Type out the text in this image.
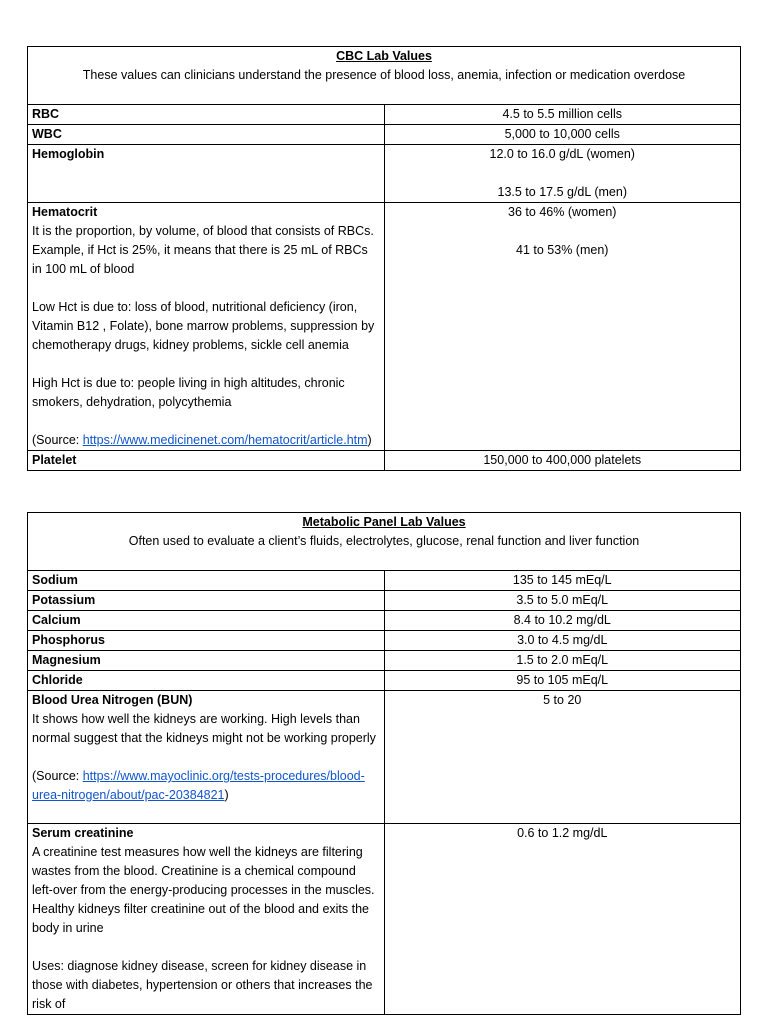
CBC Lab Values
These values can clinicians understand the presence of blood loss, anemia, infection or medication overdose	

RBC	4.5 to 5.5 million cells

WBC	5,000 to 10,000 cells

Hemoglobin	12.0 to 16.0 g/dL (women)
13.5 to 17.5 g/dL (men)

Hematocrit
It is the proportion, by volume, of blood that consists of RBCs. Example, if Hct is 25%, it means that there is 25 mL of RBCs in 100 mL of blood
Low Hct is due to: loss of blood, nutritional deficiency (iron, Vitamin B12 , Folate), bone marrow problems, suppression by chemotherapy drugs, kidney problems, sickle cell anemia
High Hct is due to: people living in high altitudes, chronic smokers, dehydration, polycythemia
(Source: https://www.medicinenet.com/hematocrit/article.htm)	36 to 46% (women)
41 to 53% (men)

Platelet	150,000 to 400,000 platelets
Metabolic Panel Lab Values
Often used to evaluate a client’s fluids, electrolytes, glucose, renal function and liver function	

Sodium	135 to 145 mEq/L

Potassium	3.5 to 5.0 mEq/L

Calcium	8.4 to 10.2 mg/dL

Phosphorus	3.0 to 4.5 mg/dL

Magnesium	1.5 to 2.0 mEq/L

Chloride	95 to 105 mEq/L

Blood Urea Nitrogen (BUN)
It shows how well the kidneys are working. High levels than normal suggest that the kidneys might not be working properly
(Source: https://www.mayoclinic.org/tests-procedures/blood-urea-nitrogen/about/pac-20384821)	5 to 20

Serum creatinine
A creatinine test measures how well the kidneys are filtering wastes from the blood. Creatinine is a chemical compound left-over from the energy-producing processes in the muscles. Healthy kidneys filter creatinine out of the blood and exits the body in urine
Uses: diagnose kidney disease, screen for kidney disease in those with diabetes, hypertension or others that increases the risk of	0.6 to 1.2 mg/dL
